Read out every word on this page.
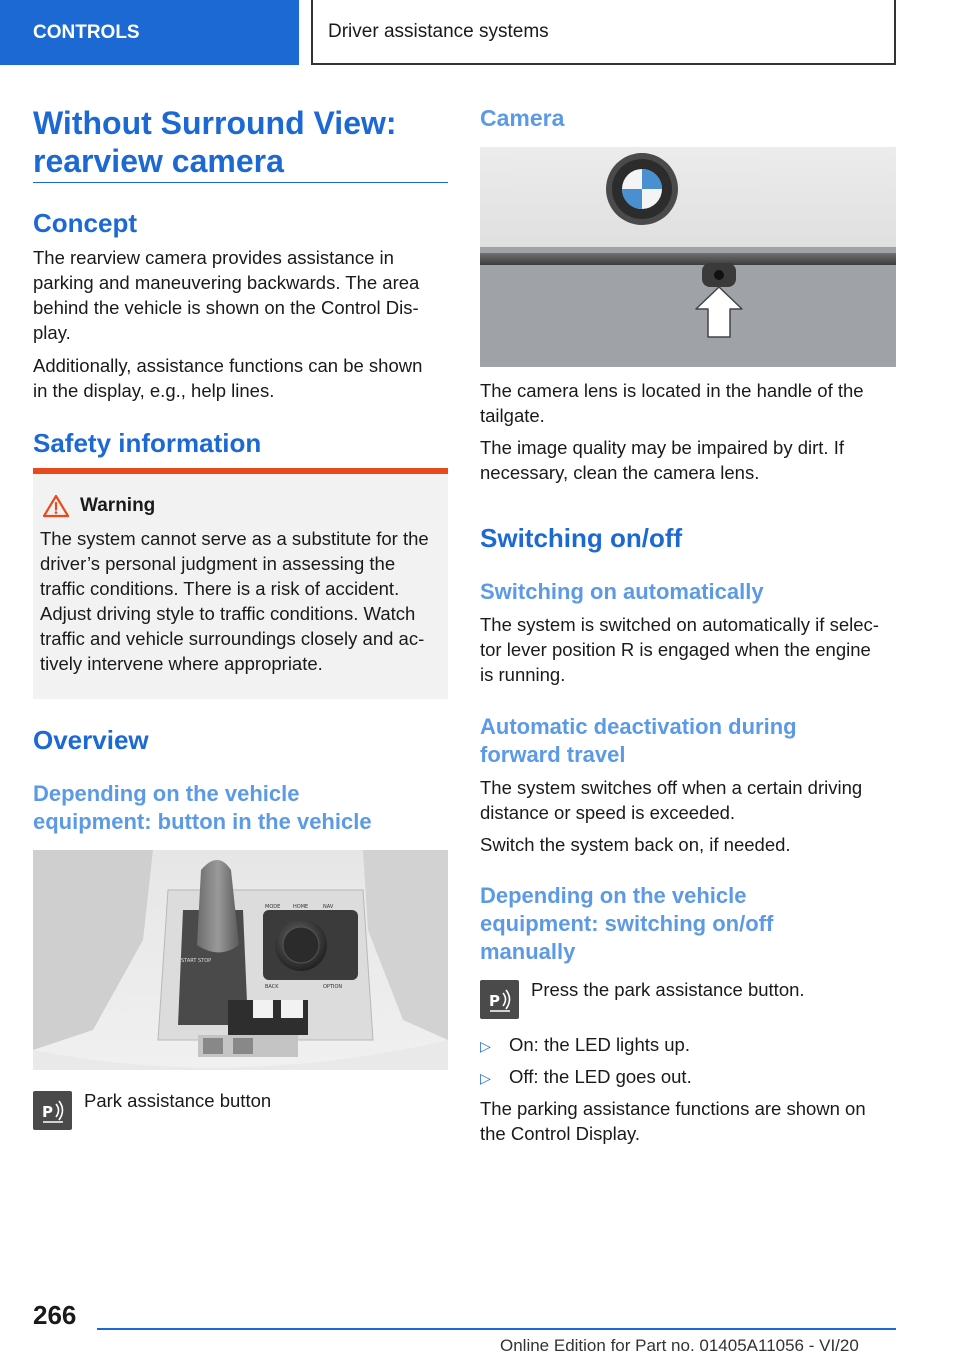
CONTROLS	Driver assistance systems

Without Surround View:

rearview camera

Concept

The rearview camera provides assistance in

parking and maneuvering backwards. The area

behind the vehicle is shown on the Control Dis‐

play.

Additionally, assistance functions can be shown

in the display, e.g., help lines.

Safety information

Warning

The system cannot serve as a substitute for the

driver’s personal judgment in assessing the

traffic conditions. There is a risk of accident.

Adjust driving style to traffic conditions. Watch

traffic and vehicle surroundings closely and ac‐

tively intervene where appropriate.

Overview

Depending on the vehicle

equipment: button in the vehicle

START STOP
MODE	HOME	NAV
BACK	OPTION
P

Park assistance button

Camera

The camera lens is located in the handle of the

tailgate.

The image quality may be impaired by dirt. If

necessary, clean the camera lens.

Switching on/off

Switching on automatically

The system is switched on automatically if selec‐

tor lever position R is engaged when the engine

is running.

Automatic deactivation during

forward travel

The system switches off when a certain driving

distance or speed is exceeded.

Switch the system back on, if needed.

Depending on the vehicle

equipment: switching on/off

manually

P

Press the park assistance button.

▷ On: the LED lights up.
▷ Off: the LED goes out.

The parking assistance functions are shown on

the Control Display.

266
Online Edition for Part no. 01405A11056 - VI/20
